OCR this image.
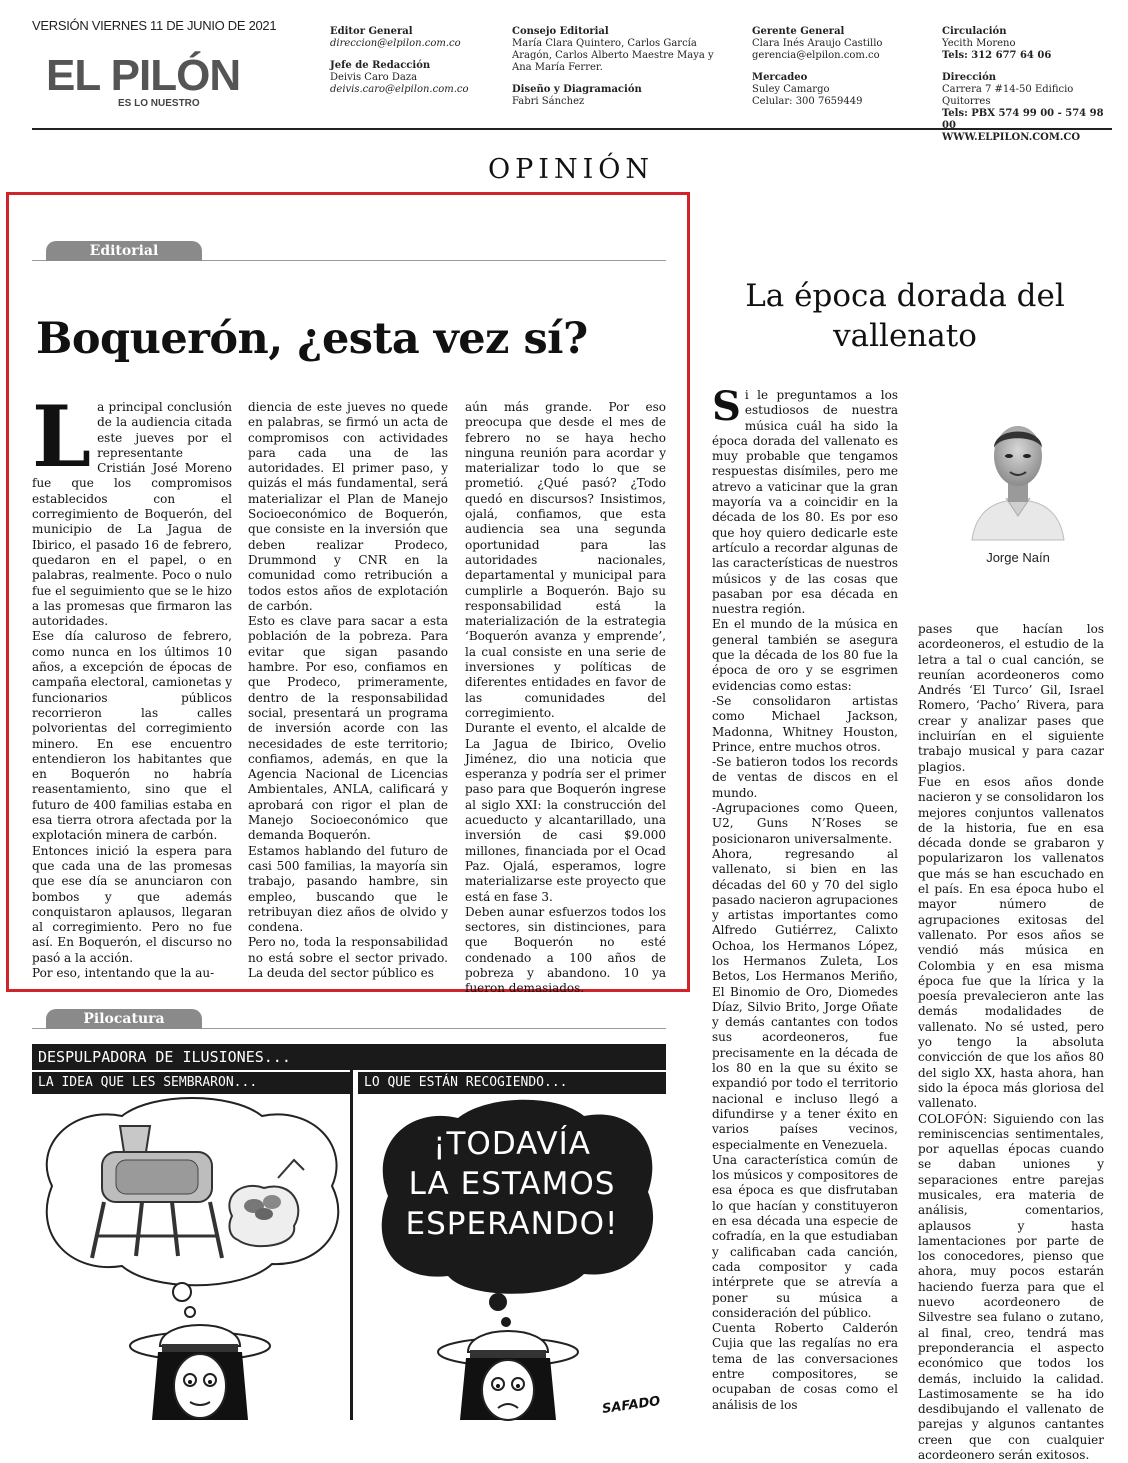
VERSIÓN VIERNES 11 DE JUNIO DE 2021
EL PILÓN
ES LO NUESTRO
Editor General
direccion@elpilon.com.co
Jefe de Redacción
Deivis Caro Daza
deivis.caro@elpilon.com.co
Consejo Editorial
María Clara Quintero, Carlos García Aragón, Carlos Alberto Maestre Maya y Ana María Ferrer.
Diseño y Diagramación
Fabri Sánchez
Gerente General
Clara Inés Araujo Castillo
gerencia@elpilon.com.co
Mercadeo
Suley Camargo
Celular: 300 7659449
Circulación
Yecith Moreno
Tels: 312 677 64 06
Dirección
Carrera 7 #14-50 Edificio Quitorres
Tels: PBX 574 99 00 - 574 98 00
WWW.ELPILON.COM.CO
OPINIÓN
Editorial
Boquerón, ¿esta vez sí?
L a principal conclusión de la audiencia citada este jueves por el representante Cristián José Moreno fue que los compromisos establecidos con el corregimiento de Boquerón, del municipio de La Jagua de Ibirico, el pasado 16 de febrero, quedaron en el papel, o en palabras, realmente. Poco o nulo fue el seguimiento que se le hizo a las promesas que firmaron las autoridades.

Ese día caluroso de febrero, como nunca en los últimos 10 años, a excepción de épocas de campaña electoral, camionetas y funcionarios públicos recorrieron las calles polvorientas del corregimiento minero. En ese encuentro entendieron los habitantes que en Boquerón no habría reasentamiento, sino que el futuro de 400 familias estaba en esa tierra otrora afectada por la explotación minera de carbón.

Entonces inició la espera para que cada una de las promesas que ese día se anunciaron con bombos y que además conquistaron aplausos, llegaran al corregimiento. Pero no fue así. En Boquerón, el discurso no pasó a la acción.

Por eso, intentando que la au-

diencia de este jueves no quede en palabras, se firmó un acta de compromisos con actividades para cada una de las autoridades. El primer paso, y quizás el más fundamental, será materializar el Plan de Manejo Socioeconómico de Boquerón, que consiste en la inversión que deben realizar Prodeco, Drummond y CNR en la comunidad como retribución a todos estos años de explotación de carbón.

Esto es clave para sacar a esta población de la pobreza. Para evitar que sigan pasando hambre. Por eso, confiamos en que Prodeco, primeramente, dentro de la responsabilidad social, presentará un programa de inversión acorde con las necesidades de este territorio; confiamos, además, en que la Agencia Nacional de Licencias Ambientales, ANLA, calificará y aprobará con rigor el plan de Manejo Socioeconómico que demanda Boquerón.

Estamos hablando del futuro de casi 500 familias, la mayoría sin trabajo, pasando hambre, sin empleo, buscando que le retribuyan diez años de olvido y condena.

Pero no, toda la responsabilidad no está sobre el sector privado. La deuda del sector público es

aún más grande. Por eso preocupa que desde el mes de febrero no se haya hecho ninguna reunión para acordar y materializar todo lo que se prometió. ¿Qué pasó? ¿Todo quedó en discursos? Insistimos, ojalá, confiamos, que esta audiencia sea una segunda oportunidad para las autoridades nacionales, departamental y municipal para cumplirle a Boquerón. Bajo su responsabilidad está la materialización de la estrategia ‘Boquerón avanza y emprende’, la cual consiste en una serie de inversiones y políticas de diferentes entidades en favor de las comunidades del corregimiento.

Durante el evento, el alcalde de La Jagua de Ibirico, Ovelio Jiménez, dio una noticia que esperanza y podría ser el primer paso para que Boquerón ingrese al siglo XXI: la construcción del acueducto y alcantarillado, una inversión de casi $9.000 millones, financiada por el Ocad Paz. Ojalá, esperamos, logre materializarse este proyecto que está en fase 3.

Deben aunar esfuerzos todos los sectores, sin distinciones, para que Boquerón no esté condenado a 100 años de pobreza y abandono. 10 ya fueron demasiados.

La época dorada del vallenato
Jorge Naín
S i le preguntamos a los estudiosos de nuestra música cuál ha sido la época dorada del vallenato es muy probable que tengamos respuestas disímiles, pero me atrevo a vaticinar que la gran mayoría va a coincidir en la década de los 80. Es por eso que hoy quiero dedicarle este artículo a recordar algunas de las características de nuestros músicos y de las cosas que pasaban por esa década en nuestra región.

En el mundo de la música en general también se asegura que la década de los 80 fue la época de oro y se esgrimen evidencias como estas:

-Se consolidaron artistas como Michael Jackson, Madonna, Whitney Houston, Prince, entre muchos otros.

-Se batieron todos los records de ventas de discos en el mundo.

-Agrupaciones como Queen, U2, Guns N’Roses se posicionaron universalmente.

Ahora, regresando al vallenato, si bien en las décadas del 60 y 70 del siglo pasado nacieron agrupaciones y artistas importantes como Alfredo Gutiérrez, Calixto Ochoa, los Hermanos López, los Hermanos Zuleta, Los Betos, Los Hermanos Meriño, El Binomio de Oro, Diomedes Díaz, Silvio Brito, Jorge Oñate y demás cantantes con todos sus acordeoneros, fue precisamente en la década de los 80 en la que su éxito se expandió por todo el territorio nacional e incluso llegó a difundirse y a tener éxito en varios países vecinos, especialmente en Venezuela.

Una característica común de los músicos y compositores de esa época es que disfrutaban lo que hacían y constituyeron en esa década una especie de cofradía, en la que estudiaban y calificaban cada canción, cada compositor y cada intérprete que se atrevía a poner su música a consideración del público.

Cuenta Roberto Calderón Cujia que las regalías no era tema de las conversaciones entre compositores, se ocupaban de cosas como el análisis de los

pases que hacían los acordeoneros, el estudio de la letra a tal o cual canción, se reunían acordeoneros como Andrés ‘El Turco’ Gil, Israel Romero, ‘Pacho’ Rivera, para crear y analizar pases que incluirían en el siguiente trabajo musical y para cazar plagios.

Fue en esos años donde nacieron y se consolidaron los mejores conjuntos vallenatos de la historia, fue en esa década donde se grabaron y popularizaron los vallenatos que más se han escuchado en el país. En esa época hubo el mayor número de agrupaciones exitosas del vallenato. Por esos años se vendió más música en Colombia y en esa misma época fue que la lírica y la poesía prevalecieron ante las demás modalidades de vallenato. No sé usted, pero yo tengo la absoluta convicción de que los años 80 del siglo XX, hasta ahora, han sido la época más gloriosa del vallenato.

COLOFÓN: Siguiendo con las reminiscencias sentimentales, por aquellas épocas cuando se daban uniones y separaciones entre parejas musicales, era materia de análisis, comentarios, aplausos y hasta lamentaciones por parte de los conocedores, pienso que ahora, muy pocos estarán haciendo fuerza para que el nuevo acordeonero de Silvestre sea fulano o zutano, al final, creo, tendrá mas preponderancia el aspecto económico que todos los demás, incluido la calidad. Lastimosamente se ha ido desdibujando el vallenato de parejas y algunos cantantes creen que con cualquier acordeonero serán exitosos.

Pilocatura
DESPULPADORA DE ILUSIONES...
LA IDEA QUE LES SEMBRARON...	LO QUE ESTÁN RECOGIENDO...
¡TODAVÍA
LA ESTAMOS
ESPERANDO!
SAFADO
